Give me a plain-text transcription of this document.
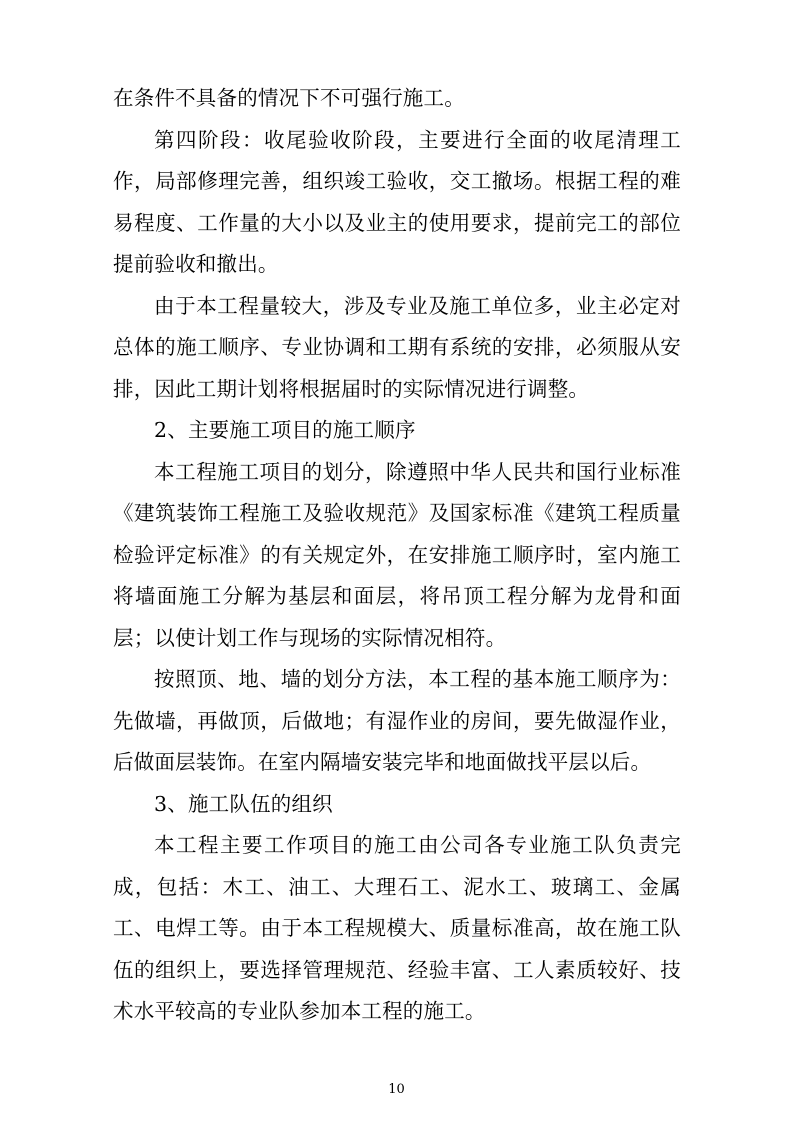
在条件不具备的情况下不可强行施工。

第四阶段：收尾验收阶段，主要进行全面的收尾清理工作，局部修理完善，组织竣工验收，交工撤场。根据工程的难易程度、工作量的大小以及业主的使用要求，提前完工的部位提前验收和撤出。

由于本工程量较大，涉及专业及施工单位多，业主必定对总体的施工顺序、专业协调和工期有系统的安排，必须服从安排，因此工期计划将根据届时的实际情况进行调整。

2、主要施工项目的施工顺序

本工程施工项目的划分，除遵照中华人民共和国行业标准《建筑装饰工程施工及验收规范》及国家标准《建筑工程质量检验评定标准》的有关规定外，在安排施工顺序时，室内施工将墙面施工分解为基层和面层，将吊顶工程分解为龙骨和面层；以使计划工作与现场的实际情况相符。

按照顶、地、墙的划分方法，本工程的基本施工顺序为：先做墙，再做顶，后做地；有湿作业的房间，要先做湿作业，后做面层装饰。在室内隔墙安装完毕和地面做找平层以后。

3、施工队伍的组织

本工程主要工作项目的施工由公司各专业施工队负责完成，包括：木工、油工、大理石工、泥水工、玻璃工、金属工、电焊工等。由于本工程规模大、质量标准高，故在施工队伍的组织上，要选择管理规范、经验丰富、工人素质较好、技术水平较高的专业队参加本工程的施工。

10
